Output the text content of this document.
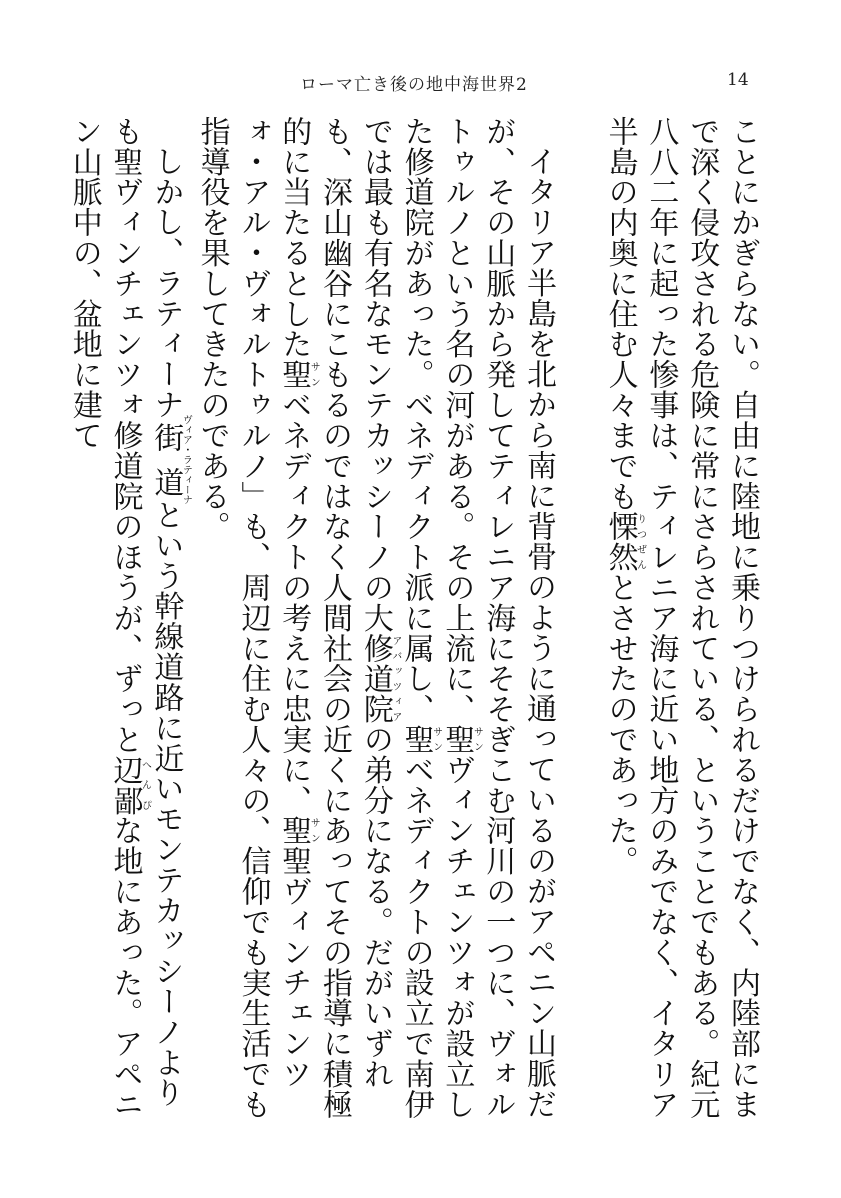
ローマ亡き後の地中海世界2	14

ことにかぎらない。自由に陸地に乗りつけられるだけでなく、内陸部にまで深く侵攻される危険に常にさらされている、ということでもある。紀元八八二年に起った惨事は、ティレニア海に近い地方のみでなく、イタリア半島の内奥に住む人々までも慄然りつぜんとさせたのであった。

イタリア半島を北から南に背骨のように通っているのがアペニン山脈だが、その山脈から発してティレニア海にそそぎこむ河川の一つに、ヴォルトゥルノという名の河がある。その上流に、聖サンヴィンチェンツォが設立した修道院があった。ベネディクト派に属し、聖サンベネディクトの設立で南伊では最も有名なモンテカッシーノの大修道院アバッツィアの弟分になる。だがいずれも、深山幽谷にこもるのではなく人間社会の近くにあってその指導に積極的に当たるとした聖サンベネディクトの考えに忠実に、聖サン聖ヴィンチェンツォ・アル・ヴォルトゥルノ」も、周辺に住む人々の、信仰でも実生活でも指導役を果してきたのである。

しかし、ラティーナ街道ヴィア・ラティーナという幹線道路に近いモンテカッシーノよりも聖ヴィンチェンツォ修道院のほうが、ずっと辺鄙へんぴな地にあった。アペニン山脈中の、盆地に建て
